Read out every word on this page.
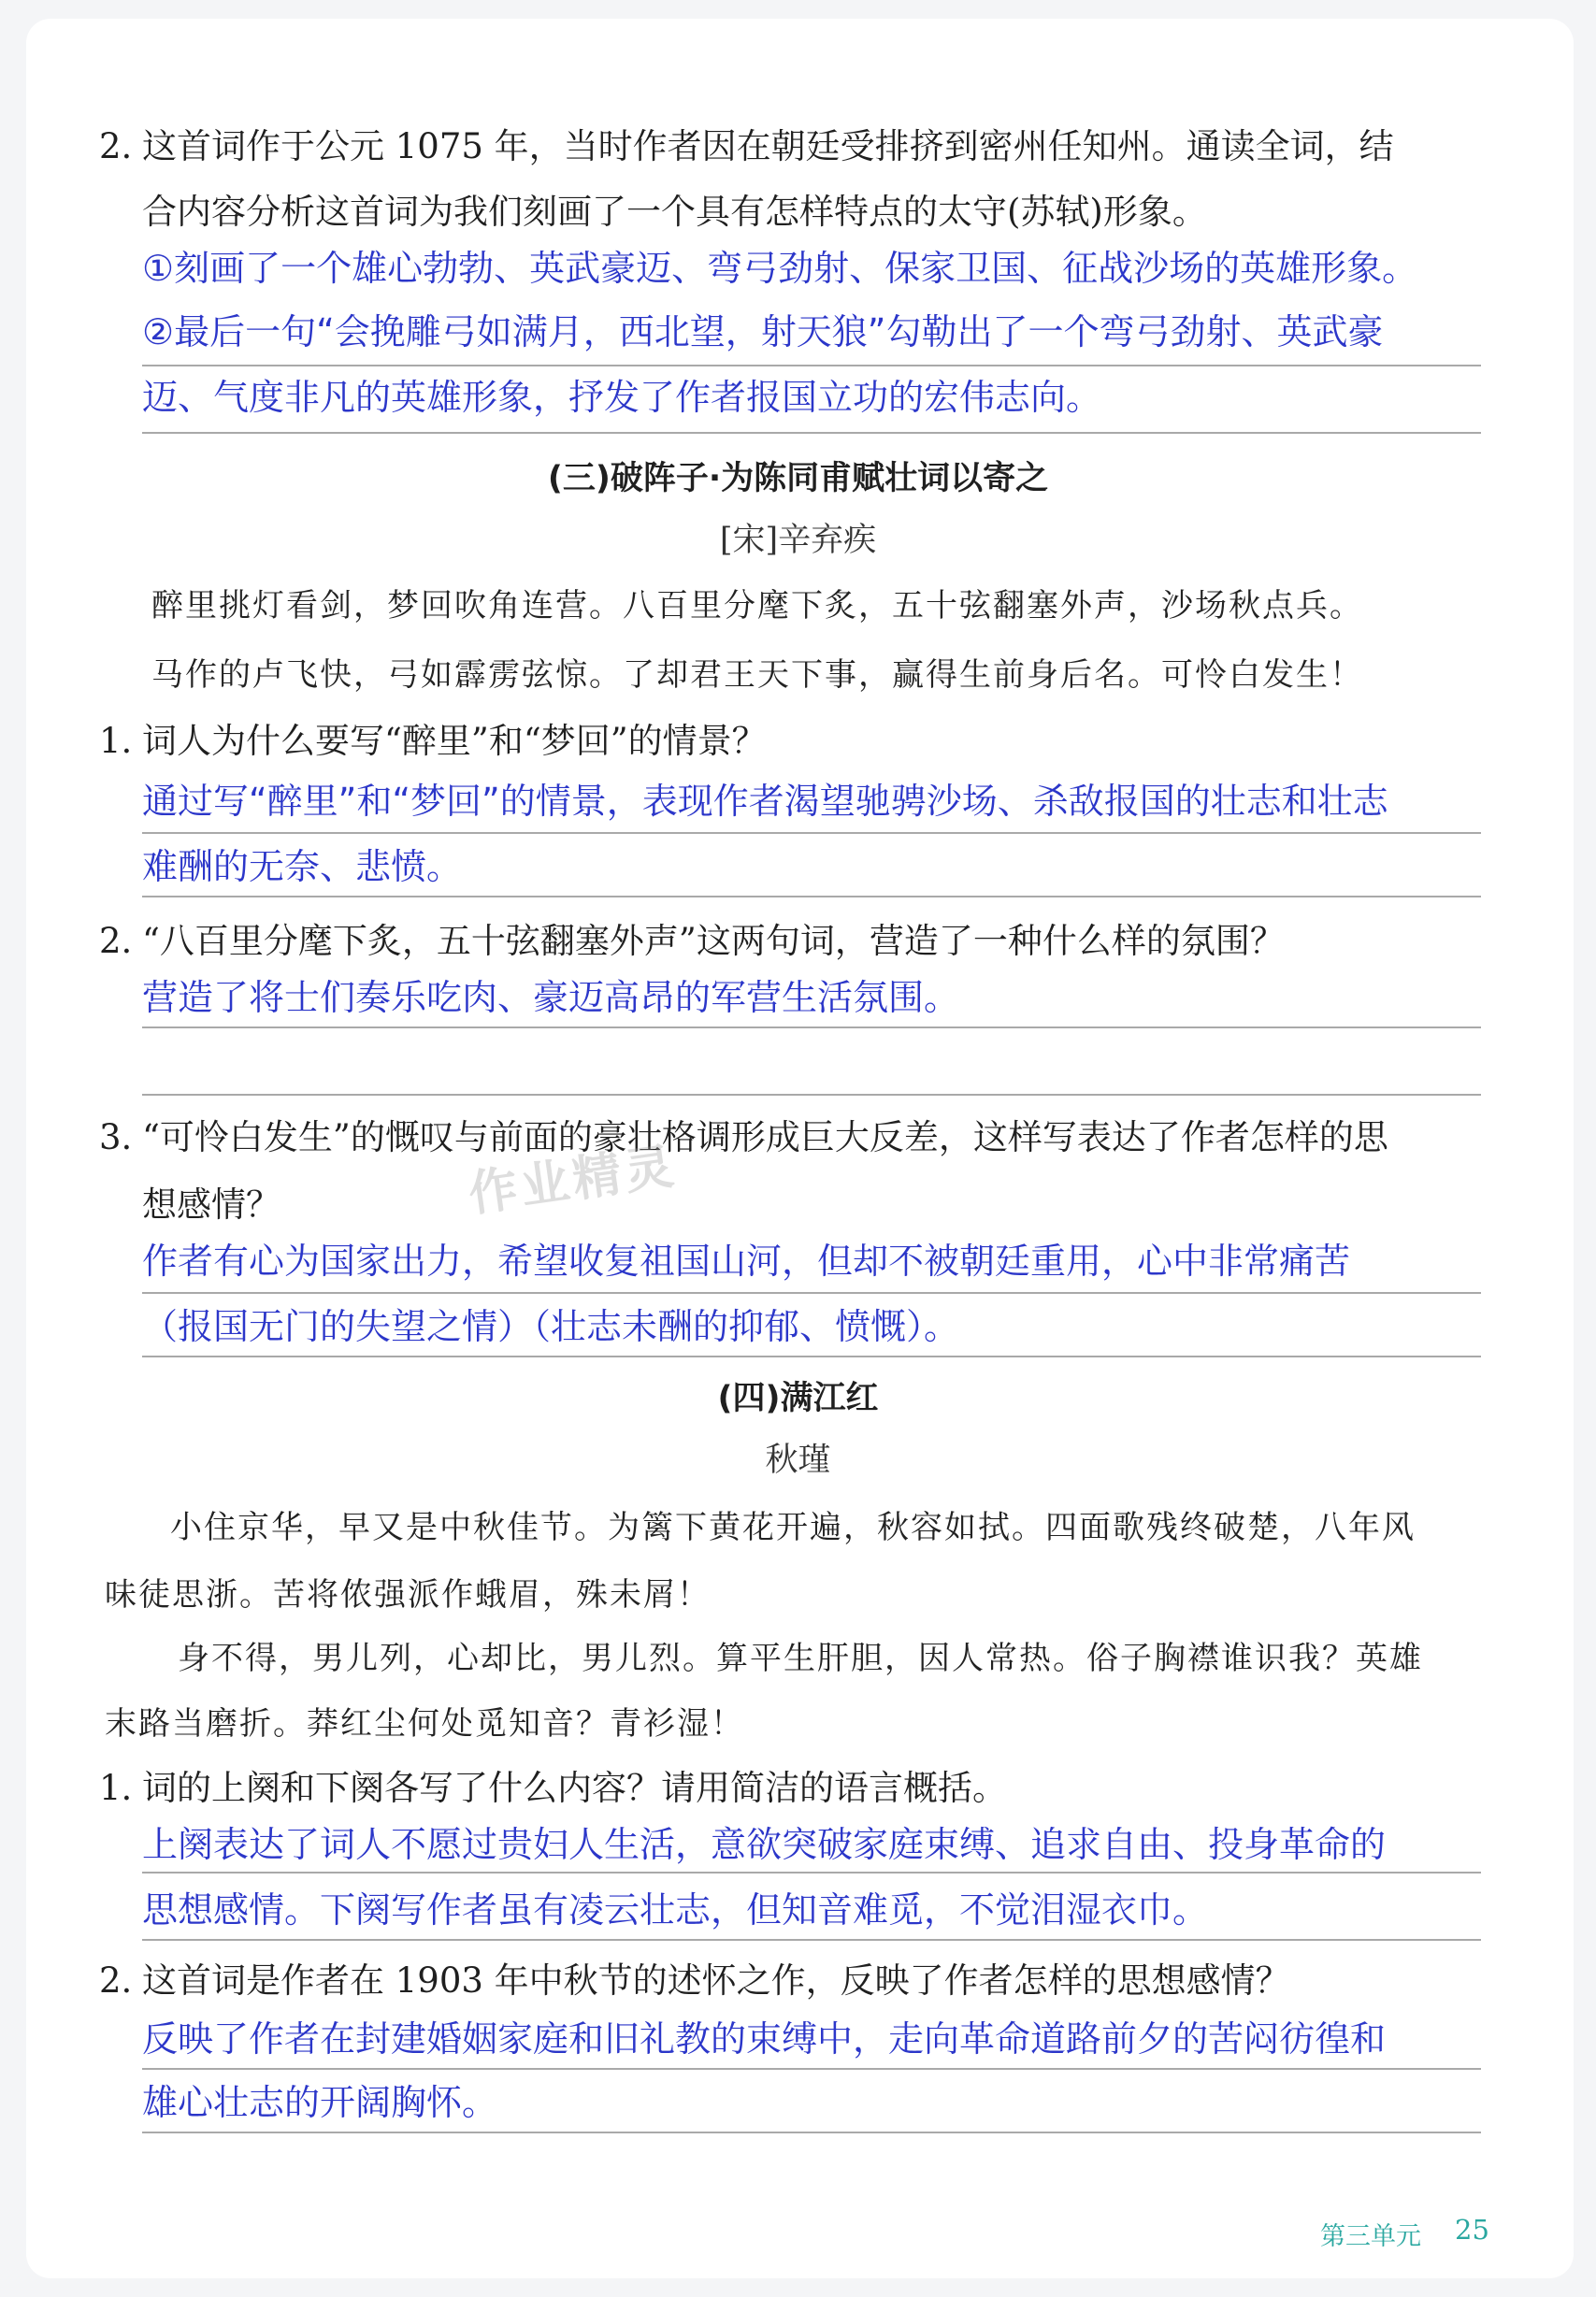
2. 这首词作于公元 1075 年，当时作者因在朝廷受排挤到密州任知州。通读全词，结
合内容分析这首词为我们刻画了一个具有怎样特点的太守(苏轼)形象。
①刻画了一个雄心勃勃、英武豪迈、弯弓劲射、保家卫国、征战沙场的英雄形象。
②最后一句“会挽雕弓如满月，西北望，射天狼”勾勒出了一个弯弓劲射、英武豪
迈、气度非凡的英雄形象，抒发了作者报国立功的宏伟志向。
(三)破阵子·为陈同甫赋壮词以寄之
[宋]辛弃疾
醉里挑灯看剑，梦回吹角连营。八百里分麾下炙，五十弦翻塞外声，沙场秋点兵。
马作的卢飞快，弓如霹雳弦惊。了却君王天下事，赢得生前身后名。可怜白发生！
1. 词人为什么要写“醉里”和“梦回”的情景？
通过写“醉里”和“梦回”的情景，表现作者渴望驰骋沙场、杀敌报国的壮志和壮志
难酬的无奈、悲愤。
2. “八百里分麾下炙，五十弦翻塞外声”这两句词，营造了一种什么样的氛围？
营造了将士们奏乐吃肉、豪迈高昂的军营生活氛围。
3. “可怜白发生”的慨叹与前面的豪壮格调形成巨大反差，这样写表达了作者怎样的思
想感情？	作业精灵
作者有心为国家出力，希望收复祖国山河，但却不被朝廷重用，心中非常痛苦
（报国无门的失望之情）（壮志未酬的抑郁、愤慨）。
(四)满江红
秋瑾
小住京华，早又是中秋佳节。为篱下黄花开遍，秋容如拭。四面歌残终破楚，八年风
味徒思浙。苦将侬强派作蛾眉，殊未屑！
身不得，男儿列，心却比，男儿烈。算平生肝胆，因人常热。俗子胸襟谁识我？英雄
末路当磨折。莽红尘何处觅知音？青衫湿！
1. 词的上阕和下阕各写了什么内容？请用简洁的语言概括。
上阕表达了词人不愿过贵妇人生活，意欲突破家庭束缚、追求自由、投身革命的
思想感情。下阕写作者虽有凌云壮志，但知音难觅，不觉泪湿衣巾。
2. 这首词是作者在 1903 年中秋节的述怀之作，反映了作者怎样的思想感情？
反映了作者在封建婚姻家庭和旧礼教的束缚中，走向革命道路前夕的苦闷彷徨和
雄心壮志的开阔胸怀。
第三单元 25
